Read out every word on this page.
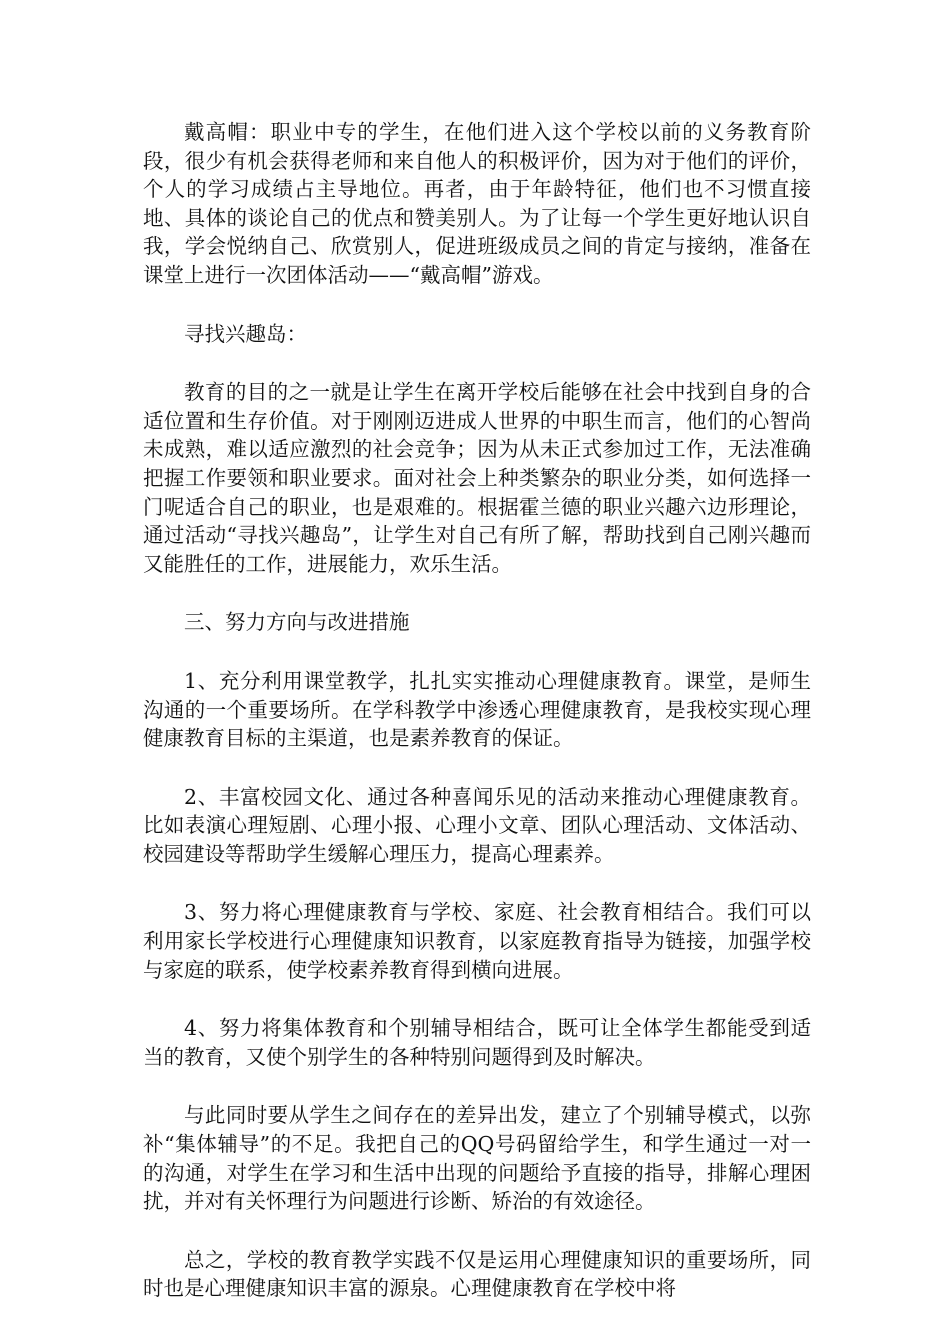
戴高帽：职业中专的学生，在他们进入这个学校以前的义务教育阶段，很少有机会获得老师和来自他人的积极评价，因为对于他们的评价，个人的学习成绩占主导地位。再者，由于年龄特征，他们也不习惯直接地、具体的谈论自己的优点和赞美别人。为了让每一个学生更好地认识自我，学会悦纳自己、欣赏别人，促进班级成员之间的肯定与接纳，准备在课堂上进行一次团体活动——“戴高帽”游戏。

寻找兴趣岛：

教育的目的之一就是让学生在离开学校后能够在社会中找到自身的合适位置和生存价值。对于刚刚迈进成人世界的中职生而言，他们的心智尚未成熟，难以适应激烈的社会竞争；因为从未正式参加过工作，无法准确把握工作要领和职业要求。面对社会上种类繁杂的职业分类，如何选择一门呢适合自己的职业，也是艰难的。根据霍兰德的职业兴趣六边形理论，通过活动“寻找兴趣岛”，让学生对自己有所了解，帮助找到自己刚兴趣而又能胜任的工作，进展能力，欢乐生活。

三、努力方向与改进措施

1、充分利用课堂教学，扎扎实实推动心理健康教育。课堂，是师生沟通的一个重要场所。在学科教学中渗透心理健康教育，是我校实现心理健康教育目标的主渠道，也是素养教育的保证。

2、丰富校园文化、通过各种喜闻乐见的活动来推动心理健康教育。比如表演心理短剧、心理小报、心理小文章、团队心理活动、文体活动、校园建设等帮助学生缓解心理压力，提高心理素养。

3、努力将心理健康教育与学校、家庭、社会教育相结合。我们可以利用家长学校进行心理健康知识教育，以家庭教育指导为链接，加强学校与家庭的联系，使学校素养教育得到横向进展。

4、努力将集体教育和个别辅导相结合，既可让全体学生都能受到适当的教育，又使个别学生的各种特别问题得到及时解决。

与此同时要从学生之间存在的差异出发，建立了个别辅导模式，以弥补“集体辅导”的不足。我把自己的QQ号码留给学生，和学生通过一对一的沟通，对学生在学习和生活中出现的问题给予直接的指导，排解心理困扰，并对有关怀理行为问题进行诊断、矫治的有效途径。

总之，学校的教育教学实践不仅是运用心理健康知识的重要场所，同时也是心理健康知识丰富的源泉。心理健康教育在学校中将
